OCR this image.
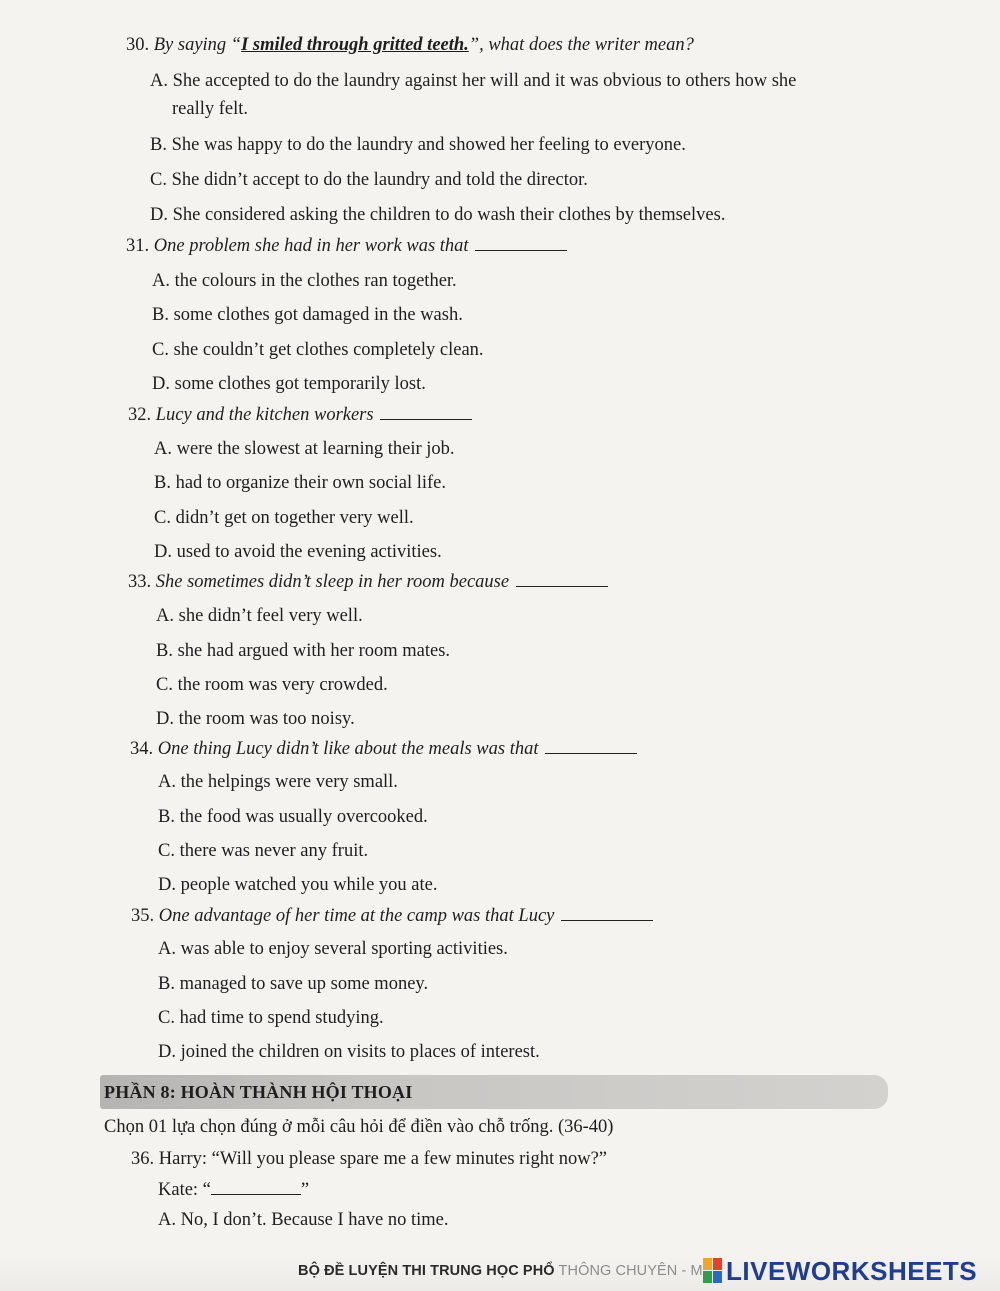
30. By saying “I smiled through gritted teeth.”, what does the writer mean?
A. She accepted to do the laundry against her will and it was obvious to others how she
really felt.
B. She was happy to do the laundry and showed her feeling to everyone.
C. She didn’t accept to do the laundry and told the director.
D. She considered asking the children to do wash their clothes by themselves.
31. One problem she had in her work was that
A. the colours in the clothes ran together.
B. some clothes got damaged in the wash.
C. she couldn’t get clothes completely clean.
D. some clothes got temporarily lost.
32. Lucy and the kitchen workers
A. were the slowest at learning their job.
B. had to organize their own social life.
C. didn’t get on together very well.
D. used to avoid the evening activities.
33. She sometimes didn’t sleep in her room because
A. she didn’t feel very well.
B. she had argued with her room mates.
C. the room was very crowded.
D. the room was too noisy.
34. One thing Lucy didn’t like about the meals was that
A. the helpings were very small.
B. the food was usually overcooked.
C. there was never any fruit.
D. people watched you while you ate.
35. One advantage of her time at the camp was that Lucy
A. was able to enjoy several sporting activities.
B. managed to save up some money.
C. had time to spend studying.
D. joined the children on visits to places of interest.
PHẦN 8: HOÀN THÀNH HỘI THOẠI
Chọn 01 lựa chọn đúng ở mỗi câu hỏi để điền vào chỗ trống. (36-40)
36. Harry: “Will you please spare me a few minutes right now?”
Kate: “	”
A. No, I don’t. Because I have no time.
BỘ ĐỀ LUYỆN THI TRUNG HỌC PHỔ THÔNG CHUYÊN - M LIVEWORKSHEETS
